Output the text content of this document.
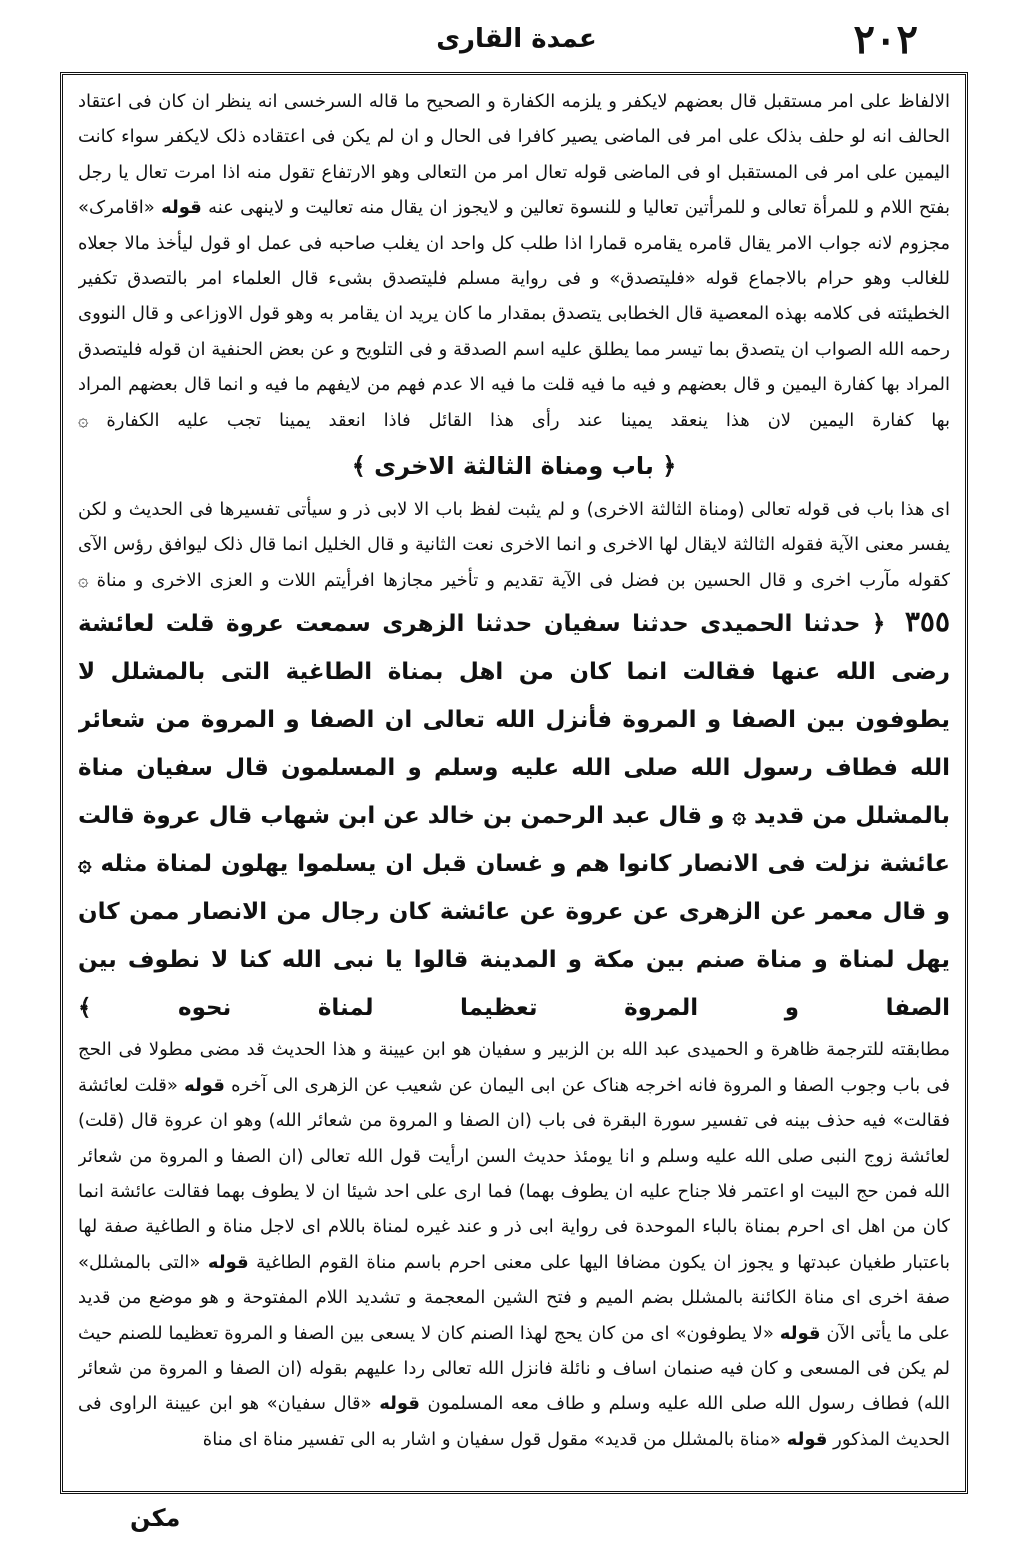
۲۰۲
عمدة القاری

الالفاظ علی امر مستقبل قال بعضهم لایکفر و یلزمه الکفارة و الصحیح ما قاله السرخسی انه ینظر ان کان فی اعتقاد الحالف انه لو حلف بذلک علی امر فی الماضی یصیر کافرا فی الحال و ان لم یکن فی اعتقاده ذلک لایکفر سواء کانت الیمین علی امر فی المستقبل او فی الماضی قوله تعال امر من التعالی وهو الارتفاع تقول منه اذا امرت تعال یا رجل بفتح اللام و للمرأة تعالی و للمرأتین تعالیا و للنسوة تعالین و لایجوز ان یقال منه تعالیت و لاینهی عنه قوله «اقامرک» مجزوم لانه جواب الامر یقال قامره یقامره قمارا اذا طلب کل واحد ان یغلب صاحبه فی عمل او قول لیأخذ مالا جعلاه للغالب وهو حرام بالاجماع قوله «فلیتصدق» و فی روایة مسلم فلیتصدق بشیء قال العلماء امر بالتصدق تکفیر الخطیئته فی کلامه بهذه المعصیة قال الخطابی یتصدق بمقدار ما کان یرید ان یقامر به وهو قول الاوزاعی و قال النووی رحمه الله الصواب ان یتصدق بما تیسر مما یطلق علیه اسم الصدقة و فی التلویح و عن بعض الحنفیة ان قوله فلیتصدق المراد بها کفارة الیمین و قال بعضهم و فیه ما فیه قلت ما فیه الا عدم فهم من لایفهم ما فیه و انما قال بعضهم المراد بها کفارة الیمین لان هذا ینعقد یمینا عند رأی هذا القائل فاذا انعقد یمینا تجب علیه الکفارة ۞

﴿ باب ومناة الثالثة الاخری ﴾

ای هذا باب فی قوله تعالی (ومناة الثالثة الاخری) و لم یثبت لفظ باب الا لابی ذر و سیأتی تفسیرها فی الحدیث و لکن یفسر معنی الآیة فقوله الثالثة لایقال لها الاخری و انما الاخری نعت الثانیة و قال الخلیل انما قال ذلک لیوافق رؤس الآی کقوله مآرب اخری و قال الحسین بن فضل فی الآیة تقدیم و تأخیر مجازها افرأیتم اللات و العزی الاخری و مناة ۞

٣٥٥ ﴿ حدثنا الحمیدی حدثنا سفیان حدثنا الزهری سمعت عروة قلت لعائشة رضی الله عنها فقالت انما کان من اهل بمناة الطاغیة التی بالمشلل لا یطوفون بین الصفا و المروة فأنزل الله تعالی ان الصفا و المروة من شعائر الله فطاف رسول الله صلی الله علیه وسلم و المسلمون قال سفیان مناة بالمشلل من قدید ۞ و قال عبد الرحمن بن خالد عن ابن شهاب قال عروة قالت عائشة نزلت فی الانصار کانوا هم و غسان قبل ان یسلموا یهلون لمناة مثله ۞ و قال معمر عن الزهری عن عروة عن عائشة کان رجال من الانصار ممن کان یهل لمناة و مناة صنم بین مکة و المدینة قالوا یا نبی الله کنا لا نطوف بین الصفا و المروة تعظیما لمناة نحوه ﴾

مطابقته للترجمة ظاهرة و الحمیدی عبد الله بن الزبیر و سفیان هو ابن عیینة و هذا الحدیث قد مضی مطولا فی الحج فی باب وجوب الصفا و المروة فانه اخرجه هناک عن ابی الیمان عن شعیب عن الزهری الی آخره قوله «قلت لعائشة فقالت» فیه حذف بینه فی تفسیر سورة البقرة فی باب (ان الصفا و المروة من شعائر الله) وهو ان عروة قال (قلت) لعائشة زوج النبی صلی الله علیه وسلم و انا یومئذ حدیث السن ارأیت قول الله تعالی (ان الصفا و المروة من شعائر الله فمن حج البیت او اعتمر فلا جناح علیه ان یطوف بهما) فما اری علی احد شیئا ان لا یطوف بهما فقالت عائشة انما کان من اهل ای احرم بمناة بالباء الموحدة فی روایة ابی ذر و عند غیره لمناة باللام ای لاجل مناة و الطاغیة صفة لها باعتبار طغیان عبدتها و یجوز ان یکون مضافا الیها علی معنی احرم باسم مناة القوم الطاغیة قوله «التی بالمشلل» صفة اخری ای مناة الکائنة بالمشلل بضم المیم و فتح الشین المعجمة و تشدید اللام المفتوحة و هو موضع من قدید علی ما یأتی الآن قوله «لا یطوفون» ای من کان یحج لهذا الصنم کان لا یسعی بین الصفا و المروة تعظیما للصنم حیث لم یکن فی المسعی و کان فیه صنمان اساف و نائلة فانزل الله تعالی ردا علیهم بقوله (ان الصفا و المروة من شعائر الله) فطاف رسول الله صلی الله علیه وسلم و طاف معه المسلمون قوله «قال سفیان» هو ابن عیینة الراوی فی الحدیث المذکور قوله «مناة بالمشلل من قدید» مقول قول سفیان و اشار به الی تفسیر مناة ای مناة

مکن
